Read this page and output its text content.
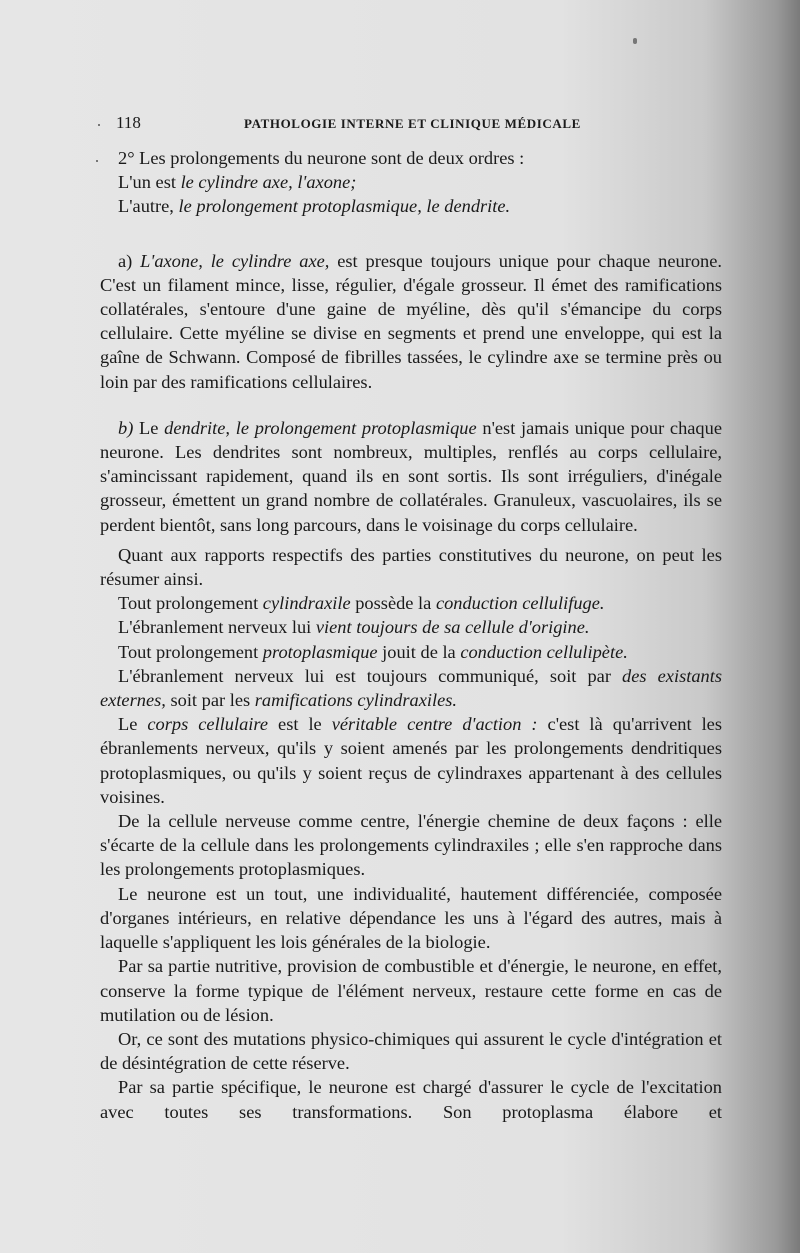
118	PATHOLOGIE INTERNE ET CLINIQUE MÉDICALE

2° Les prolongements du neurone sont de deux ordres :

L'un est le cylindre axe, l'axone;

L'autre, le prolongement protoplasmique, le dendrite.

a) L'axone, le cylindre axe, est presque toujours unique pour chaque neurone. C'est un filament mince, lisse, régulier, d'égale grosseur. Il émet des ramifications collatérales, s'entoure d'une gaine de myéline, dès qu'il s'émancipe du corps cellulaire. Cette myéline se divise en segments et prend une enveloppe, qui est la gaîne de Schwann. Composé de fibrilles tassées, le cylindre axe se termine près ou loin par des ramifications cellulaires.

b) Le dendrite, le prolongement protoplasmique n'est jamais unique pour chaque neurone. Les dendrites sont nombreux, multiples, renflés au corps cellulaire, s'amincissant rapidement, quand ils en sont sortis. Ils sont irréguliers, d'inégale grosseur, émettent un grand nombre de collatérales. Granuleux, vascuolaires, ils se perdent bientôt, sans long parcours, dans le voisinage du corps cellulaire.

Quant aux rapports respectifs des parties constitutives du neurone, on peut les résumer ainsi.

Tout prolongement cylindraxile possède la conduction cellulifuge.

L'ébranlement nerveux lui vient toujours de sa cellule d'origine.

Tout prolongement protoplasmique jouit de la conduction cellulipète.

L'ébranlement nerveux lui est toujours communiqué, soit par des existants externes, soit par les ramifications cylindraxiles.

Le corps cellulaire est le véritable centre d'action : c'est là qu'arrivent les ébranlements nerveux, qu'ils y soient amenés par les prolongements dendritiques protoplasmiques, ou qu'ils y soient reçus de cylindraxes appartenant à des cellules voisines.

De la cellule nerveuse comme centre, l'énergie chemine de deux façons : elle s'écarte de la cellule dans les prolongements cylindraxiles ; elle s'en rapproche dans les prolongements protoplasmiques.

Le neurone est un tout, une individualité, hautement différenciée, composée d'organes intérieurs, en relative dépendance les uns à l'égard des autres, mais à laquelle s'appliquent les lois générales de la biologie.

Par sa partie nutritive, provision de combustible et d'énergie, le neurone, en effet, conserve la forme typique de l'élément nerveux, restaure cette forme en cas de mutilation ou de lésion.

Or, ce sont des mutations physico-chimiques qui assurent le cycle d'intégration et de désintégration de cette réserve.

Par sa partie spécifique, le neurone est chargé d'assurer le cycle de l'excitation avec toutes ses transformations. Son protoplasma élabore et
